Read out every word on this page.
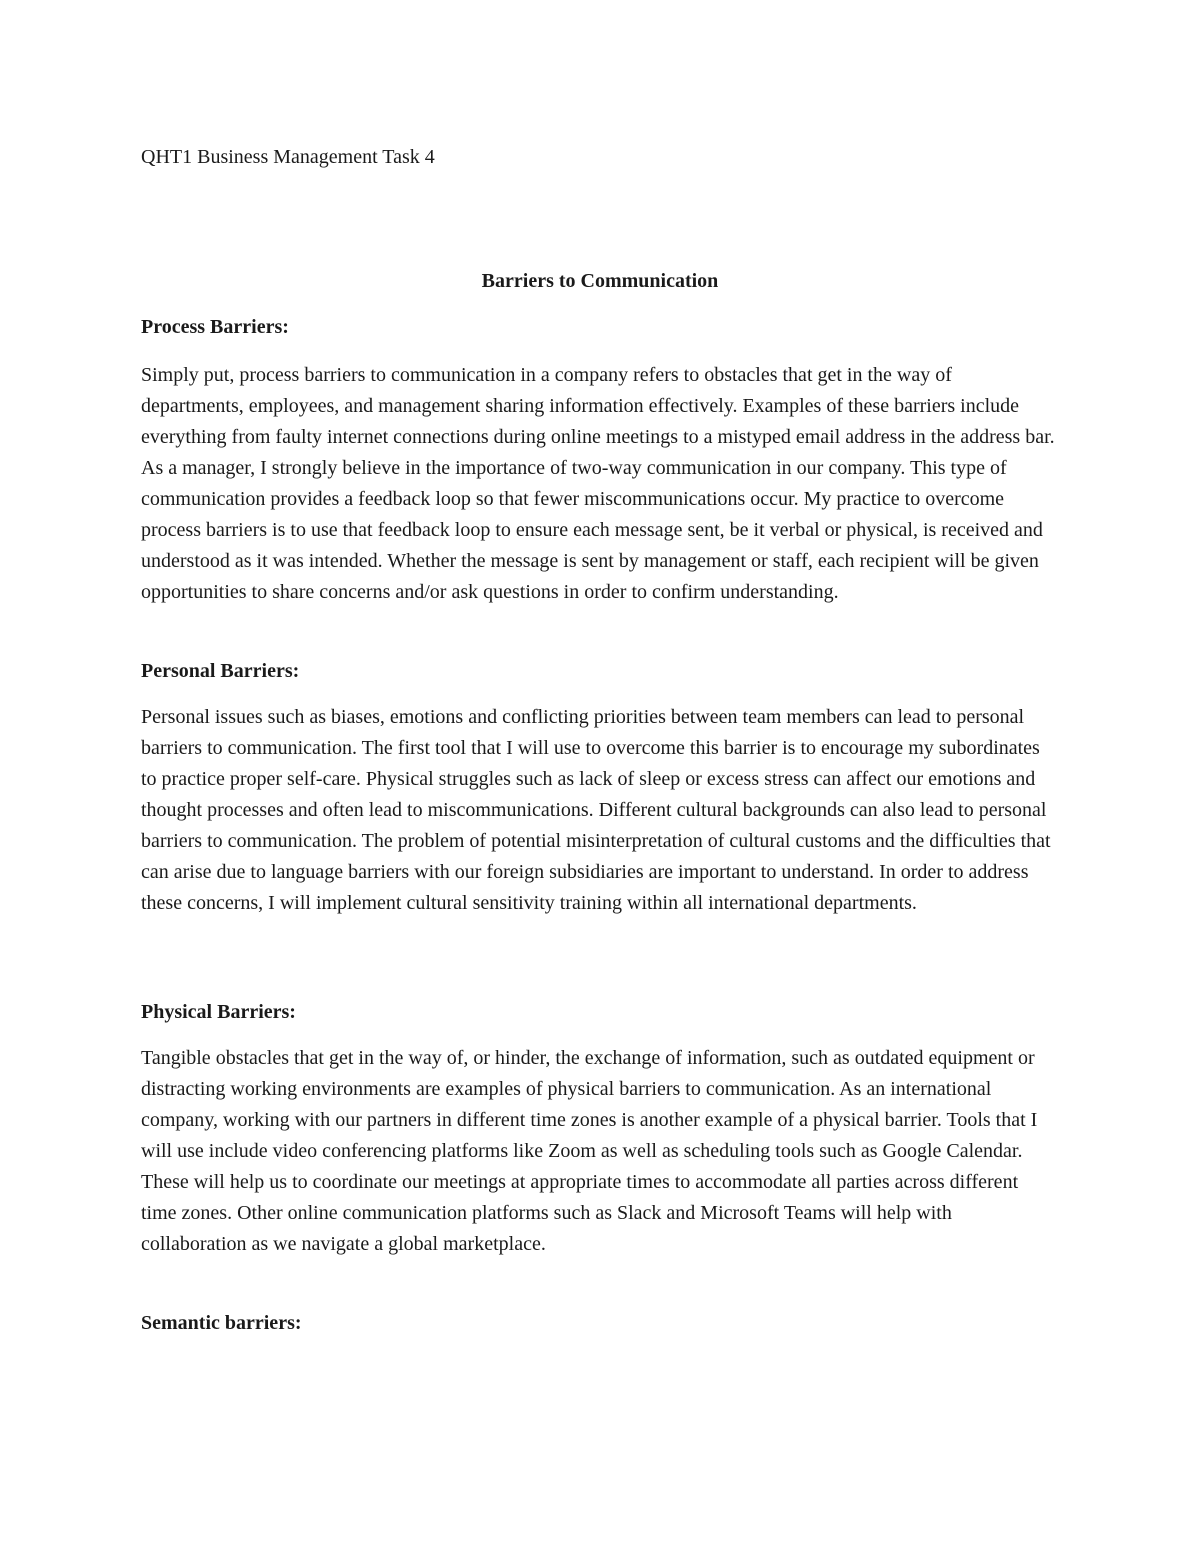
QHT1 Business Management Task 4

Barriers to Communication
Process Barriers:

Simply put, process barriers to communication in a company refers to obstacles that get in the way of departments, employees, and management sharing information effectively. Examples of these barriers include everything from faulty internet connections during online meetings to a mistyped email address in the address bar. As a manager, I strongly believe in the importance of two-way communication in our company. This type of communication provides a feedback loop so that fewer miscommunications occur. My practice to overcome process barriers is to use that feedback loop to ensure each message sent, be it verbal or physical, is received and understood as it was intended. Whether the message is sent by management or staff, each recipient will be given opportunities to share concerns and/or ask questions in order to confirm understanding.

Personal Barriers:

Personal issues such as biases, emotions and conflicting priorities between team members can lead to personal barriers to communication. The first tool that I will use to overcome this barrier is to encourage my subordinates to practice proper self-care. Physical struggles such as lack of sleep or excess stress can affect our emotions and thought processes and often lead to miscommunications. Different cultural backgrounds can also lead to personal barriers to communication. The problem of potential misinterpretation of cultural customs and the difficulties that can arise due to language barriers with our foreign subsidiaries are important to understand. In order to address these concerns, I will implement cultural sensitivity training within all international departments.

Physical Barriers:

Tangible obstacles that get in the way of, or hinder, the exchange of information, such as outdated equipment or distracting working environments are examples of physical barriers to communication. As an international company, working with our partners in different time zones is another example of a physical barrier. Tools that I will use include video conferencing platforms like Zoom as well as scheduling tools such as Google Calendar. These will help us to coordinate our meetings at appropriate times to accommodate all parties across different time zones. Other online communication platforms such as Slack and Microsoft Teams will help with collaboration as we navigate a global marketplace.

Semantic barriers:
